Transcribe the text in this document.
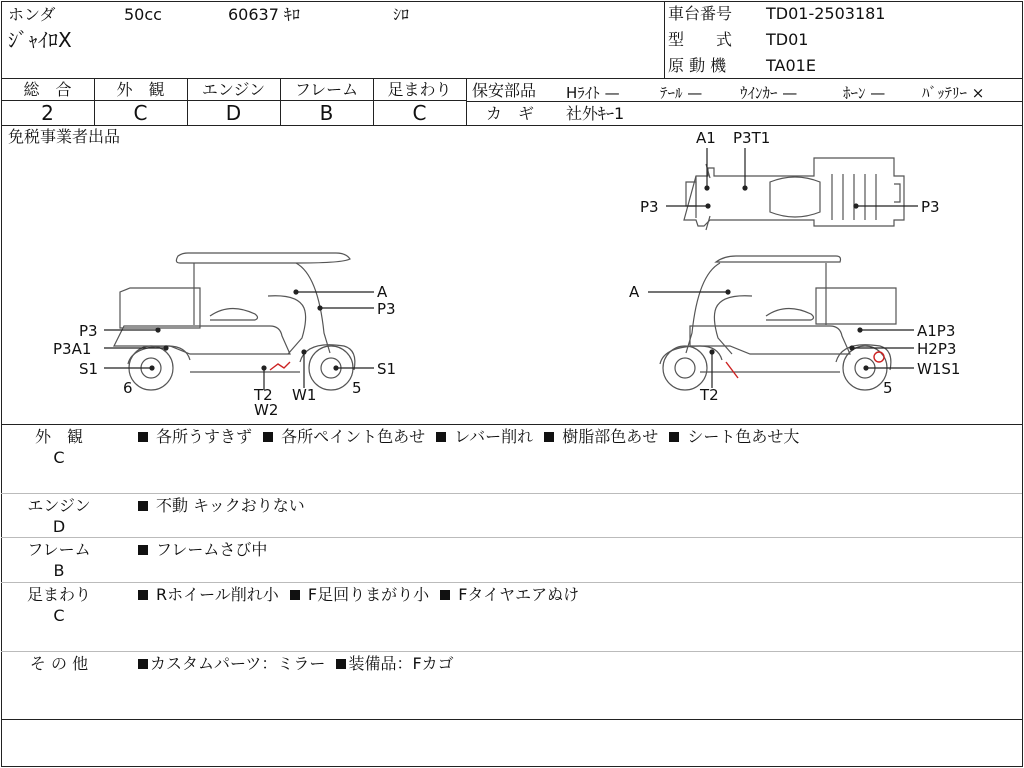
ホンダ	50cc	60637 ｷﾛ	ｼﾛ
ｼﾞｬｲﾛX
車台番号 TD01-2503181
型　　式 TD01
原 動 機 TA01E
総　合
2
外　観
C
エンジン
D
フレーム
B
足まわり
C
保安部品 Hﾗｲﾄ —	ﾃｰﾙ —	ｳｲﾝｶｰ —	ﾎｰﾝ — ﾊﾞｯﾃﾘｰ ×
カ　ギ 社外ｷｰ1
免税事業者出品	A1 P3T1
P3	P3
A
P3
P3
P3A1
S1	S1
6	T2
W2
W1 5
A
A1P3
H2P3
W1S1
T2	5
外　観
C
各所うすきず 各所ペイント色あせ レバー削れ 樹脂部色あせ シート色あせ大
エンジン
D
不動 キックおりない
フレーム
B
フレームさび中
足まわり
C
Rホイール削れ小 F足回りまがり小 Fタイヤエアぬけ
そ の 他	カスタムパーツ：ミラー 装備品：Fカゴ
